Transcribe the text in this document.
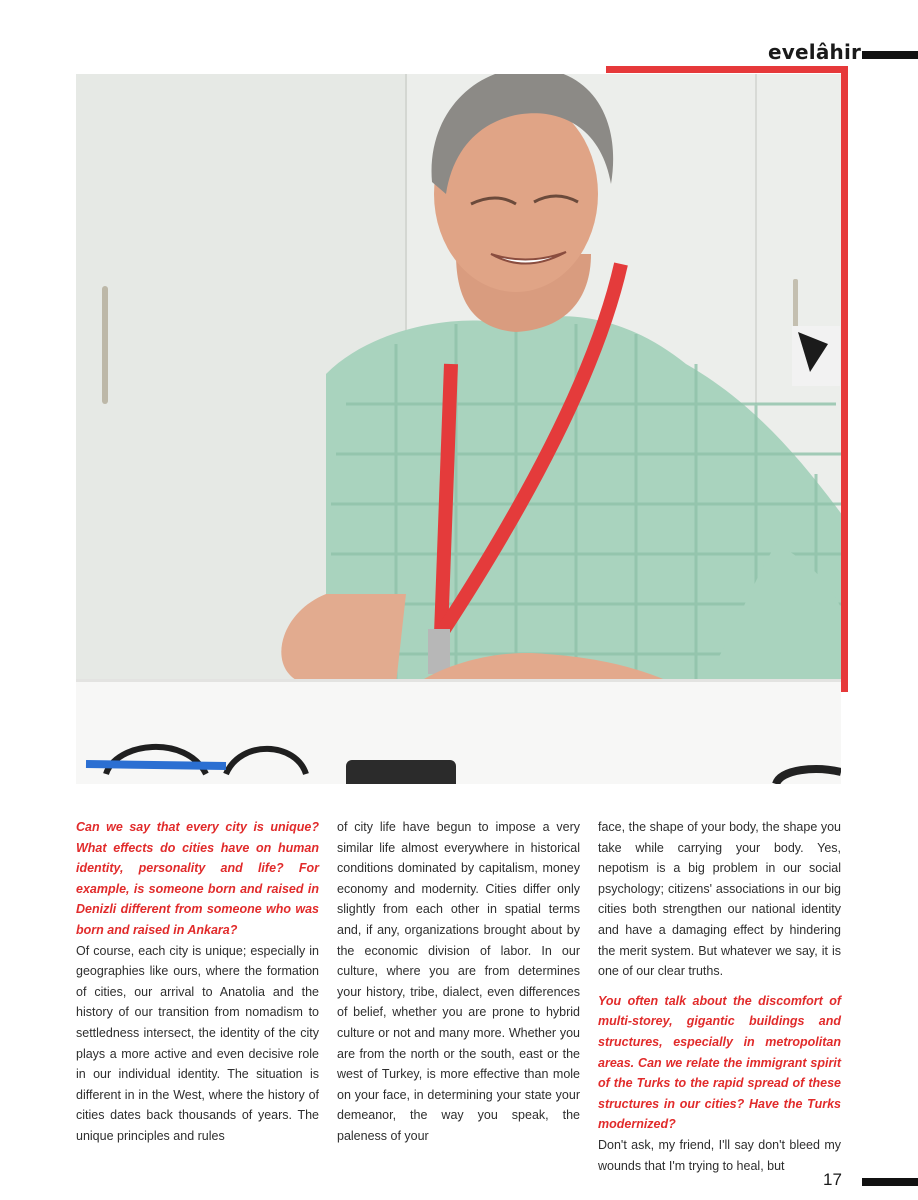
evelâhir

Can we say that every city is unique? What effects do cities have on human identity, personality and life? For example, is someone born and raised in Denizli different from someone who was born and raised in Ankara?

Of course, each city is unique; especially in geographies like ours, where the formation of cities, our arrival to Anatolia and the history of our transition from nomadism to settledness intersect, the identity of the city plays a more active and even decisive role in our individual identity. The situation is different in in the West, where the history of cities dates back thousands of years. The unique principles and rules

of city life have begun to impose a very similar life almost everywhere in historical conditions dominated by capitalism, money economy and modernity. Cities differ only slightly from each other in spatial terms and, if any, organizations brought about by the economic division of labor. In our culture, where you are from determines your history, tribe, dialect, even differences of belief, whether you are prone to hybrid culture or not and many more. Whether you are from the north or the south, east or the west of Turkey, is more effective than mole on your face, in determining your state your demeanor, the way you speak, the paleness of your

face, the shape of your body, the shape you take while carrying your body. Yes, nepotism is a big problem in our social psychology; citizens' associations in our big cities both strengthen our national identity and have a damaging effect by hindering the merit system. But whatever we say, it is one of our clear truths.

You often talk about the discomfort of multi-storey, gigantic buildings and structures, especially in metropolitan areas. Can we relate the immigrant spirit of the Turks to the rapid spread of these structures in our cities? Have the Turks modernized?

Don't ask, my friend, I'll say don't bleed my wounds that I'm trying to heal, but

17
